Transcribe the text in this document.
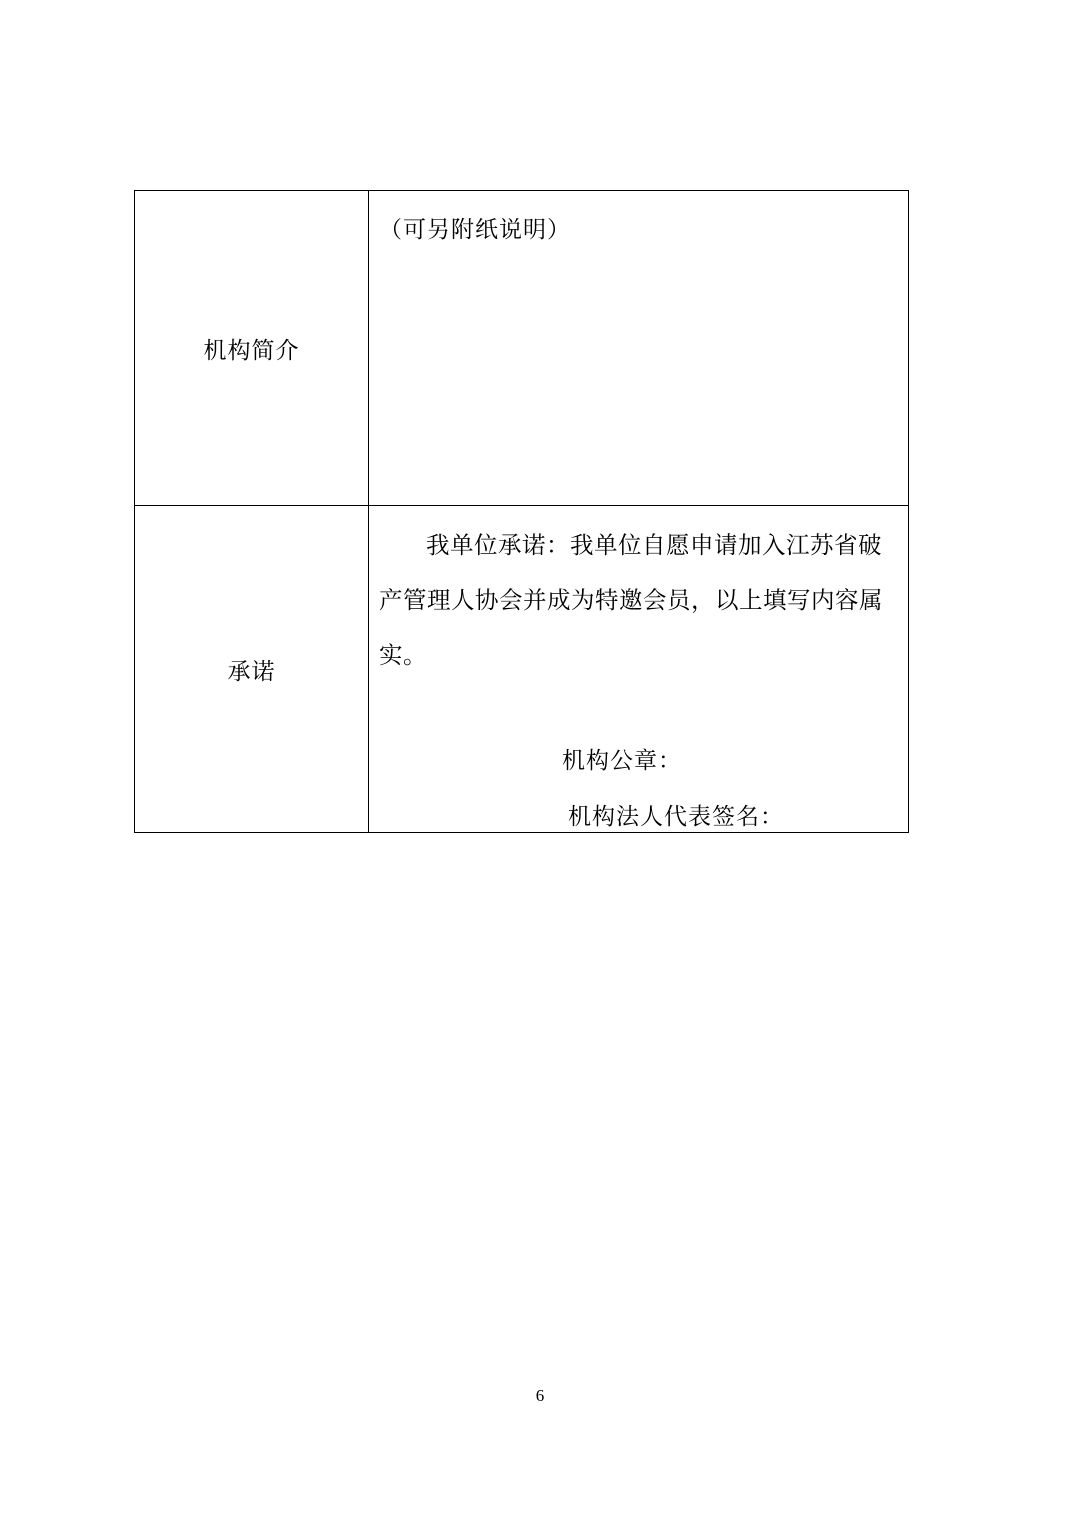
机构简介	（可另附纸说明）

承诺	我单位承诺：我单位自愿申请加入江苏省破产管理人协会并成为特邀会员，以上填写内容属实。
机构公章：
机构法人代表签名：
6
